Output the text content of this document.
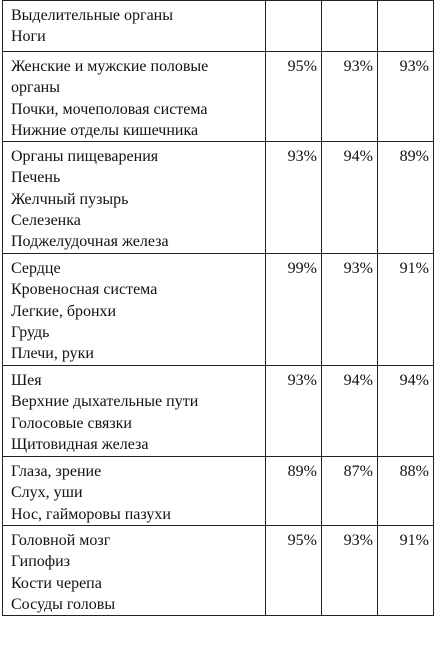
Выделительные органы
Ноги			

Женские и мужские половые
органы
Почки, мочеполовая система
Нижние отделы кишечника	95%	93%	93%

Органы пищеварения
Печень
Желчный пузырь
Селезенка
Поджелудочная железа	93%	94%	89%

Сердце
Кровеносная система
Легкие, бронхи
Грудь
Плечи, руки	99%	93%	91%

Шея
Верхние дыхательные пути
Голосовые связки
Щитовидная железа	93%	94%	94%

Глаза, зрение
Слух, уши
Нос, гайморовы пазухи	89%	87%	88%

Головной мозг
Гипофиз
Кости черепа
Сосуды головы	95%	93%	91%
